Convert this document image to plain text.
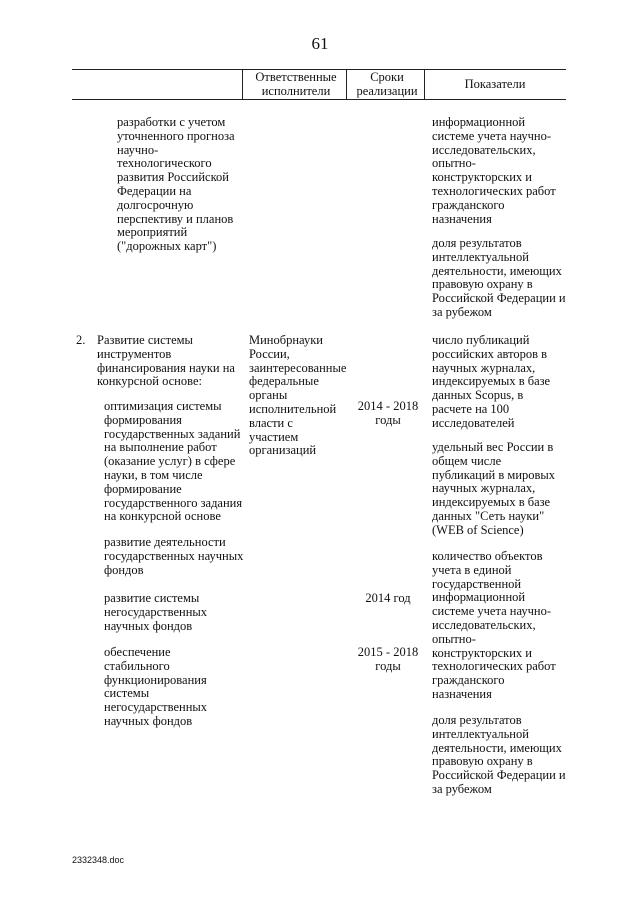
61
Ответственные исполнители
Сроки реализации	Показатели
разработки с учетом уточненного прогноза научно-технологического развития Российской Федерации на долгосрочную перспективу и планов мероприятий ("дорожных карт")
информационной системе учета научно-исследовательских, опытно-конструкторских и технологических работ гражданского назначения
доля результатов интеллектуальной деятельности, имеющих правовую охрану в Российской Федерации и за рубежом
2. Развитие системы инструментов финансирования науки на конкурсной основе:
Минобрнауки России, заинтересованные федеральные органы исполнительной власти с участием организаций
оптимизация системы формирования государственных заданий на выполнение работ (оказание услуг) в сфере науки, в том числе формирование государственного задания на конкурсной основе
2014 - 2018 годы
развитие деятельности государственных научных фондов
развитие системы негосударственных научных фондов
2014 год
обеспечение стабильного функционирования системы негосударственных научных фондов
2015 - 2018 годы
число публикаций российских авторов в научных журналах, индексируемых в базе данных Scopus, в расчете на 100 исследователей
удельный вес России в общем числе публикаций в мировых научных журналах, индексируемых в базе данных "Сеть науки" (WEB of Science)
количество объектов учета в единой государственной информационной системе учета научно-исследовательских, опытно-конструкторских и технологических работ гражданского назначения
доля результатов интеллектуальной деятельности, имеющих правовую охрану в Российской Федерации и за рубежом
2332348.doc
